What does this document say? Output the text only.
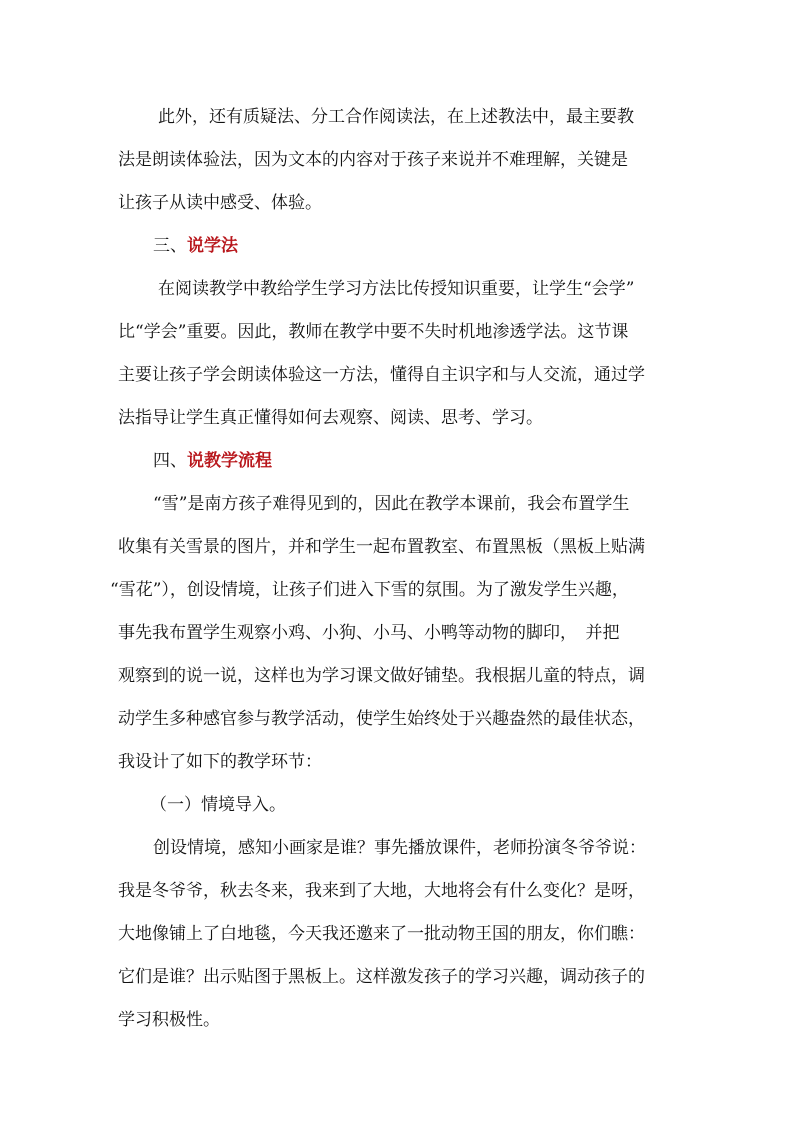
此外，还有质疑法、分工合作阅读法，在上述教法中，最主要教
法是朗读体验法，因为文本的内容对于孩子来说并不难理解，关键是
让孩子从读中感受、体验。
三、说学法
在阅读教学中教给学生学习方法比传授知识重要，让学生“会学”
比“学会”重要。因此，教师在教学中要不失时机地渗透学法。这节课
主要让孩子学会朗读体验这一方法，懂得自主识字和与人交流，通过学
法指导让学生真正懂得如何去观察、阅读、思考、学习。
四、说教学流程
“雪”是南方孩子难得见到的，因此在教学本课前，我会布置学生
收集有关雪景的图片，并和学生一起布置教室、布置黑板（黑板上贴满
“雪花”），创设情境，让孩子们进入下雪的氛围。为了激发学生兴趣，
事先我布置学生观察小鸡、小狗、小马、小鸭等动物的脚印，　并把
观察到的说一说，这样也为学习课文做好铺垫。我根据儿童的特点，调
动学生多种感官参与教学活动，使学生始终处于兴趣盎然的最佳状态，
我设计了如下的教学环节：
（一）情境导入。
创设情境，感知小画家是谁？事先播放课件，老师扮演冬爷爷说：
我是冬爷爷，秋去冬来，我来到了大地，大地将会有什么变化？是呀，
大地像铺上了白地毯，今天我还邀来了一批动物王国的朋友，你们瞧：
它们是谁？出示贴图于黑板上。这样激发孩子的学习兴趣，调动孩子的
学习积极性。
